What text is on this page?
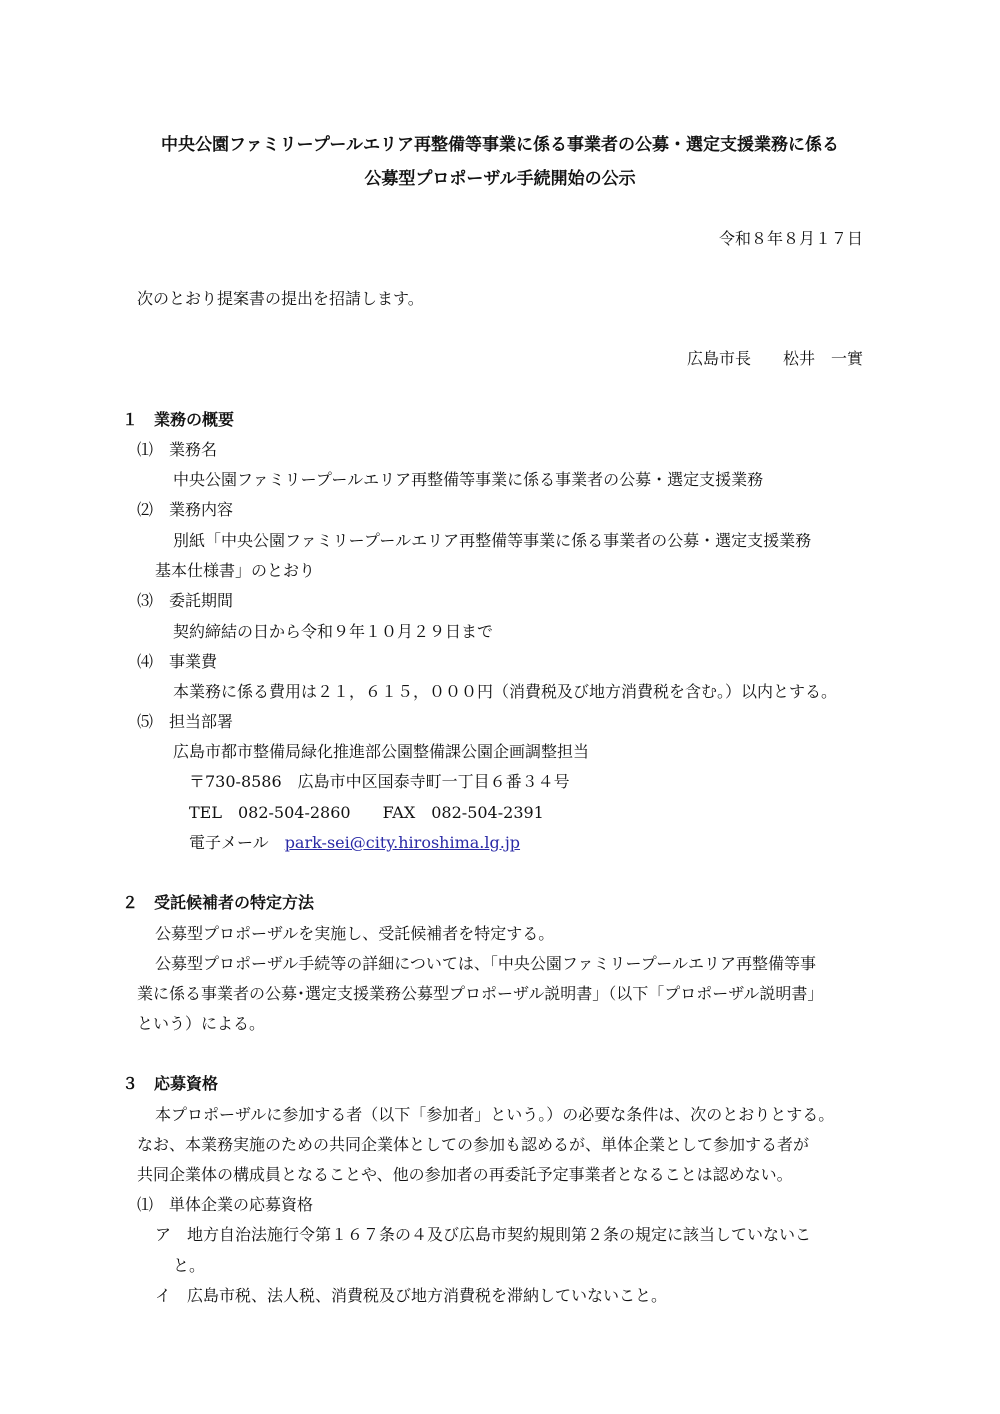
中央公園ファミリープールエリア再整備等事業に係る事業者の公募・選定支援業務に係る
公募型プロポーザル手続開始の公示
令和８年８月１７日
次のとおり提案書の提出を招請します。
広島市長　　松井　一實
１　業務の概要
⑴　業務名
中央公園ファミリープールエリア再整備等事業に係る事業者の公募・選定支援業務
⑵　業務内容
別紙「中央公園ファミリープールエリア再整備等事業に係る事業者の公募・選定支援業務
基本仕様書」のとおり
⑶　委託期間
契約締結の日から令和９年１０月２９日まで
⑷　事業費
本業務に係る費用は２１，６１５，０００円（消費税及び地方消費税を含む。）以内とする。
⑸　担当部署
広島市都市整備局緑化推進部公園整備課公園企画調整担当
〒730-8586　広島市中区国泰寺町一丁目６番３４号
TEL　082-504-2860　　FAX　082-504-2391
電子メール　park-sei@city.hiroshima.lg.jp
２　受託候補者の特定方法
公募型プロポーザルを実施し、受託候補者を特定する。
公募型プロポーザル手続等の詳細については、「中央公園ファミリープールエリア再整備等事
業に係る事業者の公募･選定支援業務公募型プロポーザル説明書」（以下「プロポーザル説明書」
という）による。
３　応募資格
本プロポーザルに参加する者（以下「参加者」という。）の必要な条件は、次のとおりとする。
なお、本業務実施のための共同企業体としての参加も認めるが、単体企業として参加する者が
共同企業体の構成員となることや、他の参加者の再委託予定事業者となることは認めない。
⑴　単体企業の応募資格
ア　地方自治法施行令第１６７条の４及び広島市契約規則第２条の規定に該当していないこ
と。
イ　広島市税、法人税、消費税及び地方消費税を滞納していないこと。
